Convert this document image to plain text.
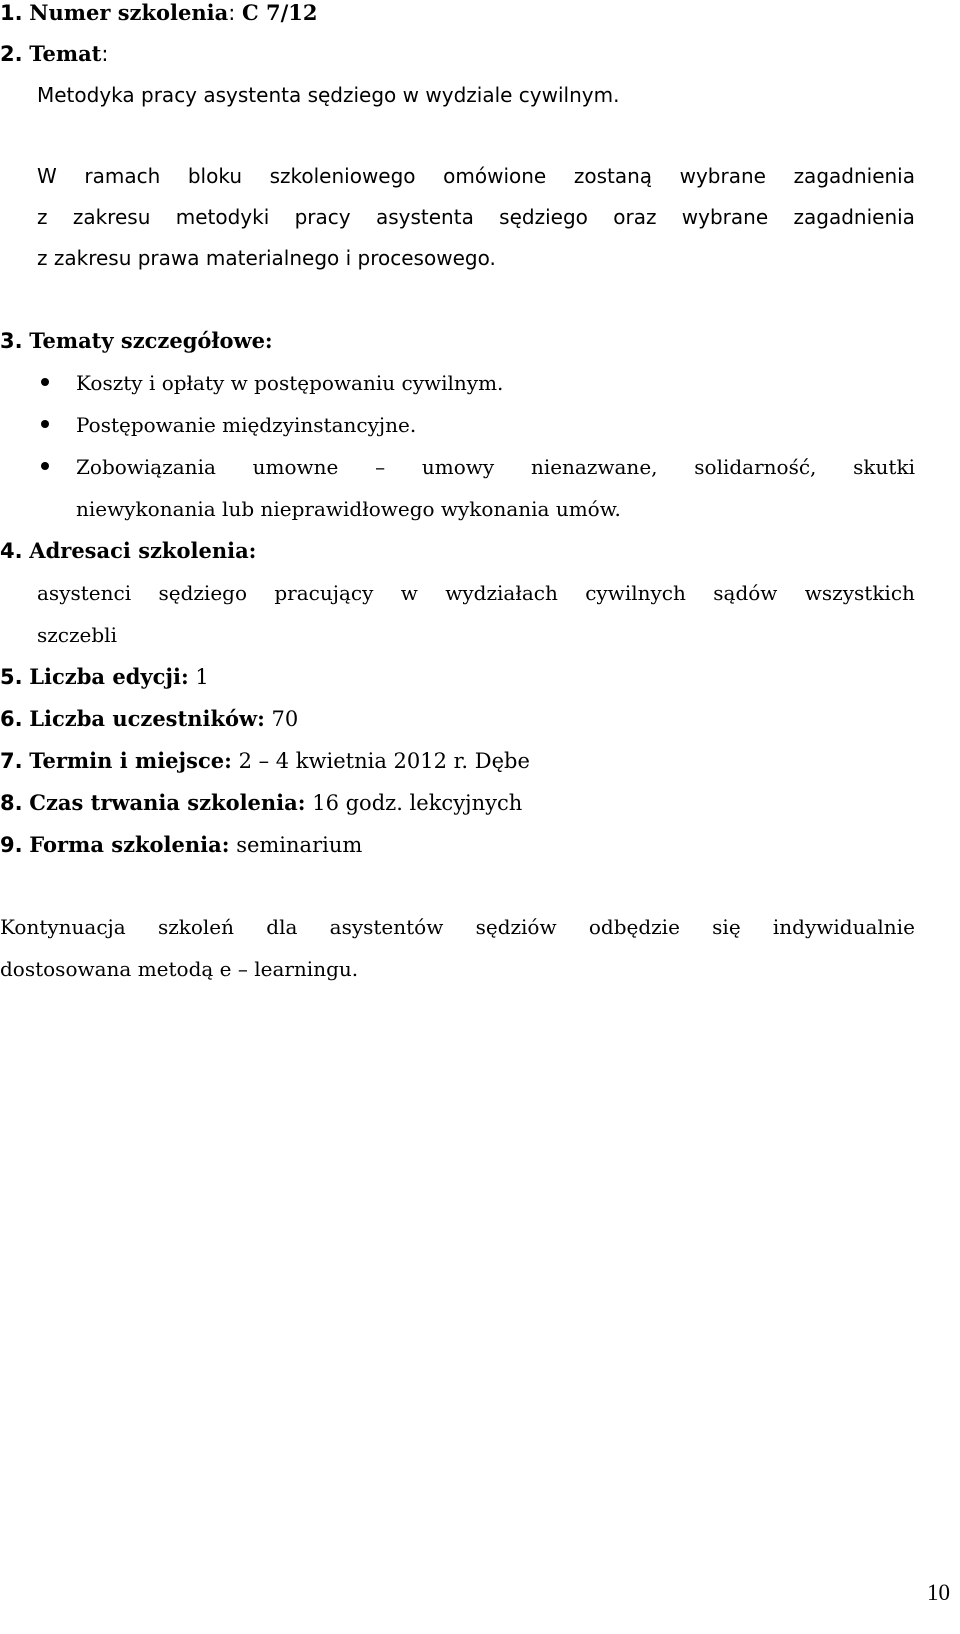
1. Numer szkolenia: C 7/12
2. Temat:
Metodyka pracy asystenta sędziego w wydziale cywilnym.
W ramach bloku szkoleniowego omówione zostaną wybrane zagadnienia
z zakresu metodyki pracy asystenta sędziego oraz wybrane zagadnienia
z zakresu prawa materialnego i procesowego.
3. Tematy szczegółowe:
Koszty i opłaty w postępowaniu cywilnym.
Postępowanie międzyinstancyjne.
Zobowiązania umowne – umowy nienazwane, solidarność, skutki
niewykonania lub nieprawidłowego wykonania umów.
4. Adresaci szkolenia:
asystenci sędziego pracujący w wydziałach cywilnych sądów wszystkich
szczebli
5. Liczba edycji: 1
6. Liczba uczestników: 70
7. Termin i miejsce: 2 – 4 kwietnia 2012 r. Dębe
8. Czas trwania szkolenia: 16 godz. lekcyjnych
9. Forma szkolenia: seminarium
Kontynuacja szkoleń dla asystentów sędziów odbędzie się indywidualnie
dostosowana metodą e – learningu.
10
